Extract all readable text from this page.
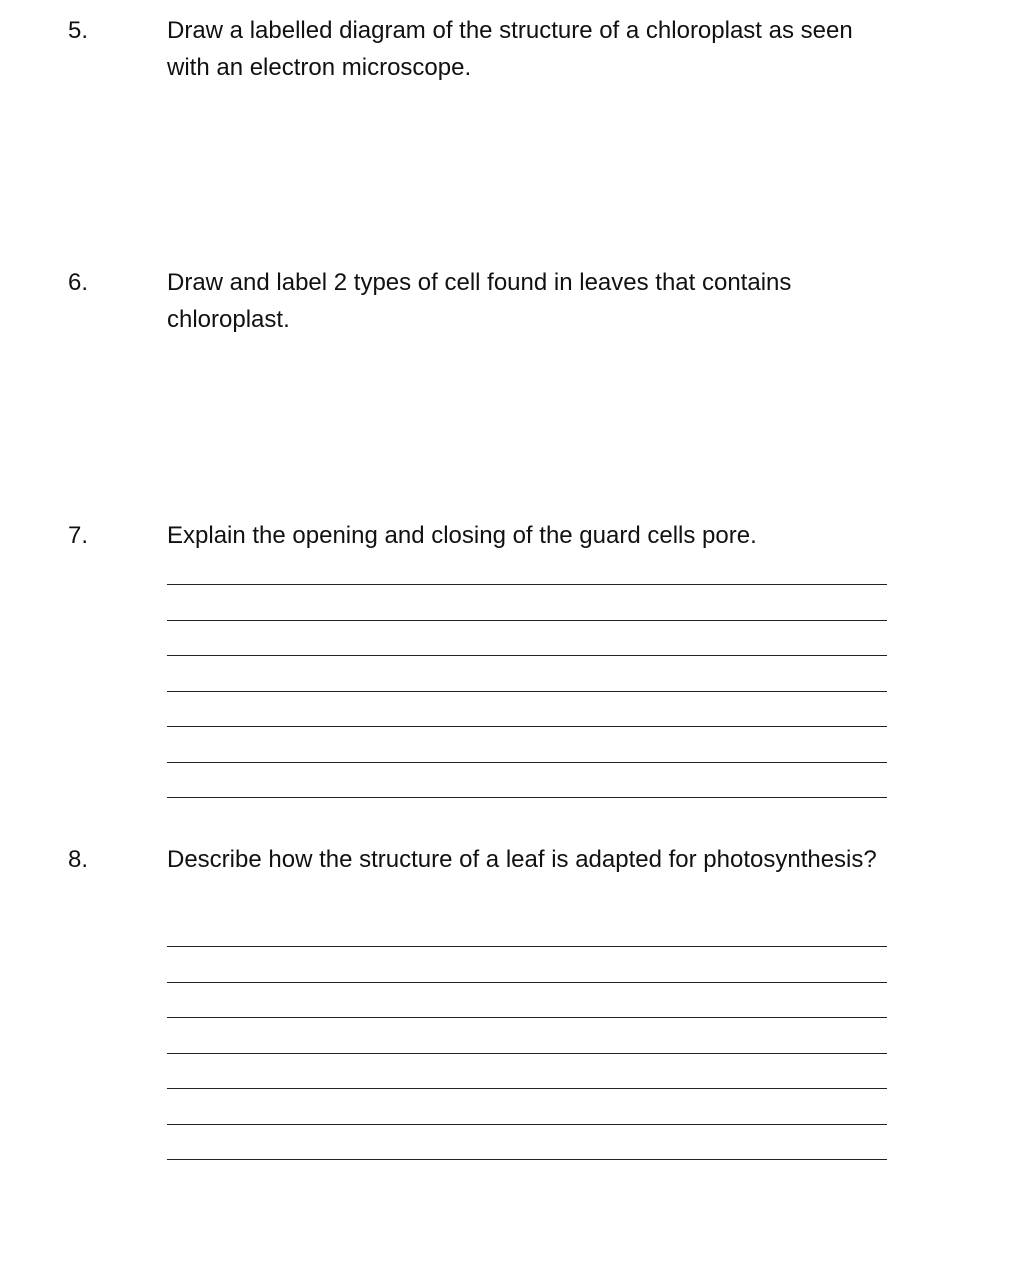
5.	Draw a labelled diagram of the structure of a chloroplast as seen with an electron microscope.
6.	Draw and label 2 types of cell found in leaves that contains chloroplast.
7.	Explain the opening and closing of the guard cells pore.
8.	Describe how the structure of a leaf is adapted for photosynthesis?
